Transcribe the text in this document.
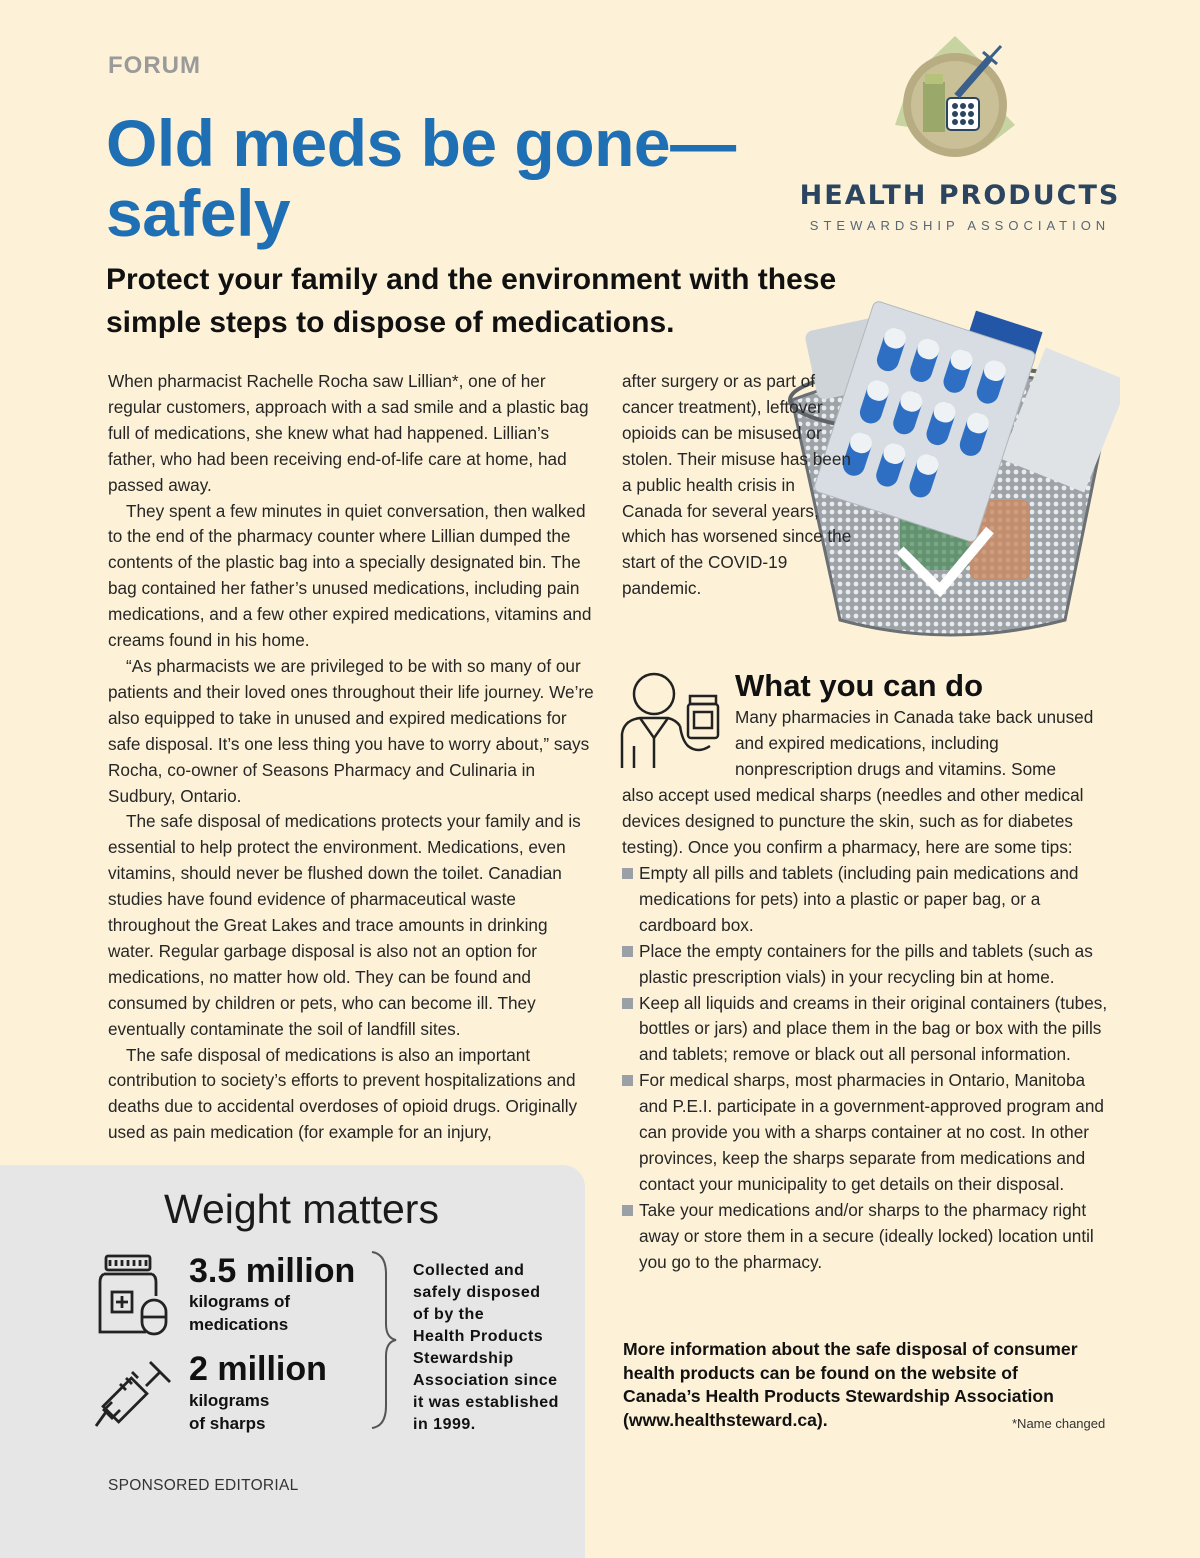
FORUM
Old meds be gone— safely
Protect your family and the environment with these simple steps to dispose of medications.
HEALTH PRODUCTS
STEWARDSHIP ASSOCIATION

When pharmacist Rachelle Rocha saw Lillian*, one of her regular customers, approach with a sad smile and a plastic bag full of medications, she knew what had happened. Lillian’s father, who had been receiving end-of-life care at home, had passed away.

They spent a few minutes in quiet conversation, then walked to the end of the pharmacy counter where Lillian dumped the contents of the plastic bag into a specially designated bin. The bag contained her father’s unused medications, including pain medications, and a few other expired medications, vitamins and creams found in his home.

“As pharmacists we are privileged to be with so many of our patients and their loved ones throughout their life journey. We’re also equipped to take in unused and expired medications for safe disposal. It’s one less thing you have to worry about,” says Rocha, co-owner of Seasons Pharmacy and Culinaria in Sudbury, Ontario.

The safe disposal of medications protects your family and is essential to help protect the environment. Medications, even vitamins, should never be flushed down the toilet. Canadian studies have found evidence of pharmaceutical waste throughout the Great Lakes and trace amounts in drinking water. Regular garbage disposal is also not an option for medications, no matter how old. They can be found and consumed by children or pets, who can become ill. They eventually contaminate the soil of landfill sites.

The safe disposal of medications is also an important contribution to society’s efforts to prevent hospitalizations and deaths due to accidental overdoses of opioid drugs. Originally used as pain medication (for example for an injury,

after surgery or as part of cancer treatment), leftover opioids can be misused or stolen. Their misuse has been a public health crisis in Canada for several years, which has worsened since the start of the COVID-19 pandemic.

What you can do

Many pharmacies in Canada take back unused and expired medications, including nonprescription drugs and vitamins. Some

also accept used medical sharps (needles and other medical devices designed to puncture the skin, such as for diabetes testing). Once you confirm a pharmacy, here are some tips:

Empty all pills and tablets (including pain medications and medications for pets) into a plastic or paper bag, or a cardboard box.
Place the empty containers for the pills and tablets (such as plastic prescription vials) in your recycling bin at home.
Keep all liquids and creams in their original containers (tubes, bottles or jars) and place them in the bag or box with the pills and tablets; remove or black out all personal information.
For medical sharps, most pharmacies in Ontario, Manitoba and P.E.I. participate in a government-approved program and can provide you with a sharps container at no cost. In other provinces, keep the sharps separate from medications and contact your municipality to get details on their disposal.
Take your medications and/or sharps to the pharmacy right away or store them in a secure (ideally locked) location until you go to the pharmacy.
More information about the safe disposal of consumer health products can be found on the website of Canada’s Health Products Stewardship Association (www.healthsteward.ca).	*Name changed
Weight matters
3.5 million
kilograms of
medications
2 million
kilograms
of sharps
Collected and
safely disposed
of by the
Health Products
Stewardship
Association since
it was established
in 1999.
SPONSORED EDITORIAL
